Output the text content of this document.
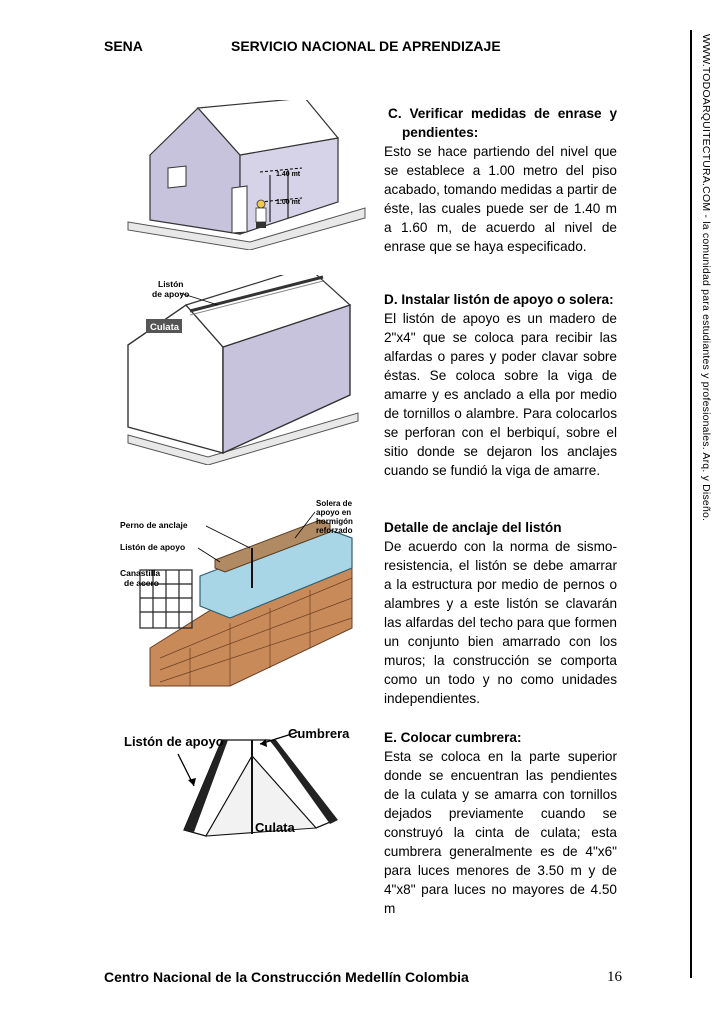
SENA	SERVICIO NACIONAL DE APRENDIZAJE	WWW.TODOARQUITECTURA.COM - la comunidad para estudiantes y profesionales. Arq. y Diseño.
1.40 mt
1.00 mt
Listón de apoyo
Culata
Perno de anclaje
Listón de apoyo
Canastilla de acero
Solera de apoyo en hormigón reforzado
Listón de apoyo
Cumbrera
Culata
C. Verificar medidas de enrase y pendientes:
Esto se hace partiendo del nivel que se establece a 1.00 metro del piso acabado, tomando medidas a partir de éste, las cuales puede ser de 1.40 m a 1.60 m, de acuerdo al nivel de enrase que se haya especificado.
D. Instalar listón de apoyo o solera:
El listón de apoyo es un madero de 2"x4" que se coloca para recibir las alfardas o pares y poder clavar sobre éstas. Se coloca sobre la viga de amarre y es anclado a ella por medio de tornillos o alambre. Para colocarlos se perforan con el berbiquí, sobre el sitio donde se dejaron los anclajes cuando se fundió la viga de amarre.
Detalle de anclaje del listón
De acuerdo con la norma de sismo-resistencia, el listón se debe amarrar a la estructura por medio de pernos o alambres y a este listón se clavarán las alfardas del techo para que formen un conjunto bien amarrado con los muros; la construcción se comporta como un todo y no como unidades independientes.
E. Colocar cumbrera:
Esta se coloca en la parte superior donde se encuentran las pendientes de la culata y se amarra con tornillos dejados previamente cuando se construyó la cinta de culata; esta cumbrera generalmente es de 4"x6" para luces menores de 3.50 m y de 4"x8" para luces no mayores de 4.50 m
Centro Nacional de la Construcción Medellín Colombia	16
